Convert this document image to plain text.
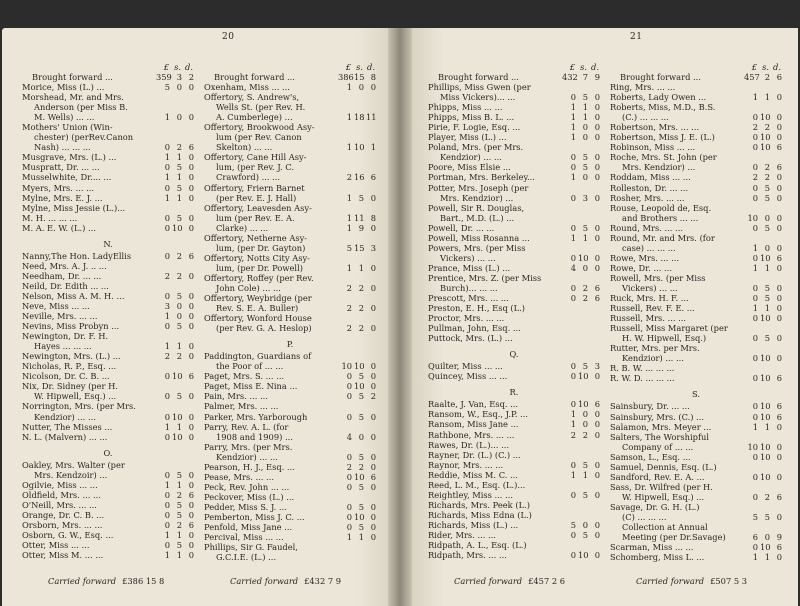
20
£ s. d.
Brought forward ...	359 3 2
Morice, Miss (L.) ...	5 0 0
Morshead, Mr. and Mrs.
Anderson (per Miss B.
M. Wells) ... ...	1 0 0
Mothers' Union (Win-
chester) (perRev.Canon
Nash) ... ... ...	0 2 6
Musgrave, Mrs. (L.) ...	1 1 0
Muspratt, Dr. ... ...	0 5 0
Musselwhite, Dr.... ...	1 1 0
Myers, Mrs. ... ...	0 5 0
Mylne, Mrs. E. J. ...	1 1 0
Mylne, Miss Jessie (L.)...
M. H. ... ... ...	0 5 0
M. A. E. W. (L.) ...	0 10 0
N.
Nanny,The Hon. LadyEllis	0 2 6
Need, Mrs. A. J. .. ...
Needham, Dr. ... ...	2 2 0
Neild, Dr. Edith ... ...
Nelson, Miss A. M. H. ...	0 5 0
Neve, Miss ... ...	3 0 0
Neville, Mrs. ... ...	1 0 0
Nevins, Miss Probyn ...	0 5 0
Newington, Dr. F. H.
Hayes ... ... ...	1 1 0
Newington, Mrs. (L.) ...	2 2 0
Nicholas, R. P., Esq. ...
Nicolson, Dr. C. B. ...	0 10 6
Nix, Dr. Sidney (per H.
W. Hipwell, Esq.) ...	0 5 0
Norrington, Mrs. (per Mrs.
Kendzior) ... ...	0 10 0
Nutter, The Misses ...	1 1 0
N. L. (Malvern) ... ...	0 10 0
O.
Oakley, Mrs. Walter (per
Mrs. Kendzoir) ...	0 5 0
Ogilvie, Miss ... ...	1 1 0
Oldfield, Mrs. ... ...	0 2 6
O'Neill, Mrs. ... ...	0 5 0
Orange, Dr. C. B. ...	0 5 0
Orsborn, Mrs. ... ...	0 2 6
Osborn, G. W., Esq. ...	1 1 0
Otter, Miss ... ...	0 5 0
Otter, Miss M. ... ...	1 1 0
£ s. d.
Brought forward ...	386 15 8
Oxenham, Miss ... ...	1 0 0
Offertory, S. Andrew's,
Wells St. (per Rev. H.
A. Cumberlege) ...	1 18 11
Offertory, Brookwood Asy-
lum (per Rev. Canon
Skelton) ... ...	1 10 1
Offertory, Cane Hill Asy-
lum, (per Rev. J. C.
Crawford) ... ...	2 16 6
Offertory, Friern Barnet
(per Rev. E. J. Hall)	1 5 0
Offertory, Leavesden Asy-
lum (per Rev. E. A.	1 11 8
Clarke) ... ...	1 9 0
Offertory, Netherne Asy-
lum, (per Dr. Gayton)	5 15 3
Offertory, Notts City Asy-
lum, (per Dr. Powell)	1 1 0
Offertory, Roffey (per Rev.
John Cole) ... ...	2 2 0
Offertory, Weybridge (per
Rev. S. E. A. Buller)	2 2 0
Offertory, Wonford House
(per Rev. G. A. Heslop)	2 2 0
P.
Paddington, Guardians of
the Poor of ... ...	10 10 0
Paget, Mrs. S. ... ...	0 5 0
Paget, Miss E. Nina ...	0 10 0
Pain, Mrs. ... ...	0 5 2
Palmer, Mrs. ... ...
Parker, Mrs. Yarborough	0 5 0
Parry, Rev. A. L. (for
1908 and 1909) ...	4 0 0
Parry, Mrs. (per Mrs.
Kendzior) ... ...	0 5 0
Pearson, H. J., Esq. ...	2 2 0
Pease, Mrs. ... ...	0 10 6
Peck, Rev. John ... ...	0 5 0
Peckover, Miss (L.) ...
Pedder, Miss S. J. ...	0 5 0
Pemberton, Miss J. C. ...	0 10 0
Penfold, Miss Jane ...	0 5 0
Percival, Miss ... ...	1 1 0
Phillips, Sir G. Faudel,
G.C.I.E. (L.) ...
Carried forward £386 15 8	Carried forward £432 7 9
21
£ s. d.
Brought forward ...	432 7 9
Phillips, Miss Gwen (per
Miss Vickers)... ...	0 5 0
Phipps, Miss ... ...	1 1 0
Phipps, Miss B. L. ...	1 1 0
Pirie, F. Logie, Esq. ...	1 0 0
Player, Miss (L.) ...	1 0 0
Poland, Mrs. (per Mrs.
Kendzior) ... ...	0 5 0
Poore, Miss Elsie ...	0 5 0
Portman, Mrs. Berkeley...	1 0 0
Potter, Mrs. Joseph (per
Mrs. Kendzior) ...	0 3 0
Powell, Sir R. Douglas,
Bart., M.D. (L.) ...
Powell, Dr. ... ...	0 5 0
Powell, Miss Rosanna ...	1 1 0
Powers, Mrs. (per Miss
Vickers) ... ...	0 10 0
Prance, Miss (L.) ...	4 0 0
Prentice, Mrs. Z. (per Miss
Burch)... ... ...	0 2 6
Prescott, Mrs. ... ...	0 2 6
Preston, E. H., Esq (L.)
Proctor, Mrs. ... ...
Pullman, John, Esq. ...
Puttock, Mrs. (L.) ...
Q.
Quilter, Miss ... ...	0 5 3
Quincey, Miss ... ...	0 10 0
R.
Raalte, J. Van, Esq. ...	0 10 6
Ransom, W., Esq., J.P. ...	1 0 0
Ransom, Miss Jane ...	1 0 0
Rathbone, Mrs. ... ...	2 2 0
Rawes, Dr. (L.)... ...
Rayner, Dr. (L.) (C.) ...
Raynor, Mrs. ... ...	0 5 0
Reddie, Miss M. C. ...	1 1 0
Reed, L. M., Esq. (L.)...
Reightley, Miss ... ...	0 5 0
Richards, Mrs. Peek (L.)
Richards, Miss Edna (L.)
Richards, Miss (L.) ...	5 0 0
Rider, Mrs. ... ...	0 5 0
Ridpath, A. L., Esq. (L.)
Ridpath, Mrs. ... ...	0 10 0
£ s. d.
Brought forward ...	457 2 6
Ring, Mrs. ... ...
Roberts, Lady Owen ...	1 1 0
Roberts, Miss, M.D., B.S.
(C.) ... ... ...	0 10 0
Robertson, Mrs. ... ...	2 2 0
Robertson, Miss J. E. (L.)	0 10 0
Robinson, Miss ... ...	0 10 6
Roche, Mrs. St. John (per
Mrs. Kendzior) ...	0 2 6
Roddam, Miss ... ...	2 2 0
Rolleston, Dr. ... ...	0 5 0
Rosher, Mrs. ... ...	0 5 0
Rouse, Leopold de, Esq.
and Brothers ... ...	10 0 0
Round, Mrs. ... ...	0 5 0
Round, Mr. and Mrs. (for
case) ... ... ...	1 0 0
Rowe, Mrs. ... ...	0 10 6
Rowe, Dr. ... ...	1 1 0
Rowell, Mrs. (per Miss
Vickers) ... ...	0 5 0
Ruck, Mrs. H. F. ...	0 5 0
Russell, Rev. F. E. ...	1 1 0
Russell, Mrs. ... ...	0 10 0
Russell, Miss Margaret (per
H. W. Hipwell, Esq.)	0 5 0
Rutter, Mrs. per Mrs.
Kendzior) ... ...	0 10 0
R. B. W. ... ... ...
R. W. D. ... ... ...	0 10 6
S.
Sainsbury, Dr. ... ...	0 10 6
Sainsbury, Mrs. (C.) ...	0 10 6
Salamon, Mrs. Meyer ...	1 1 0
Salters, The Worshipful
Company of ... ...	10 10 0
Samson, L., Esq. ...	0 10 0
Samuel, Dennis, Esq. (L.)
Sandford, Rev. E. A. ...	0 10 0
Sass, Dr. Wilfred (per H.
W. Hipwell, Esq.) ...	0 2 6
Savage, Dr. G. H. (L.)
(C) ... ... ...	5 5 0
Collection at Annual
Meeting (per Dr.Savage)	6 0 9
Scarman, Miss ... ...	0 10 6
Schomberg, Miss L. ...	1 1 0
Carried forward £457 2 6	Carried forward £507 5 3
